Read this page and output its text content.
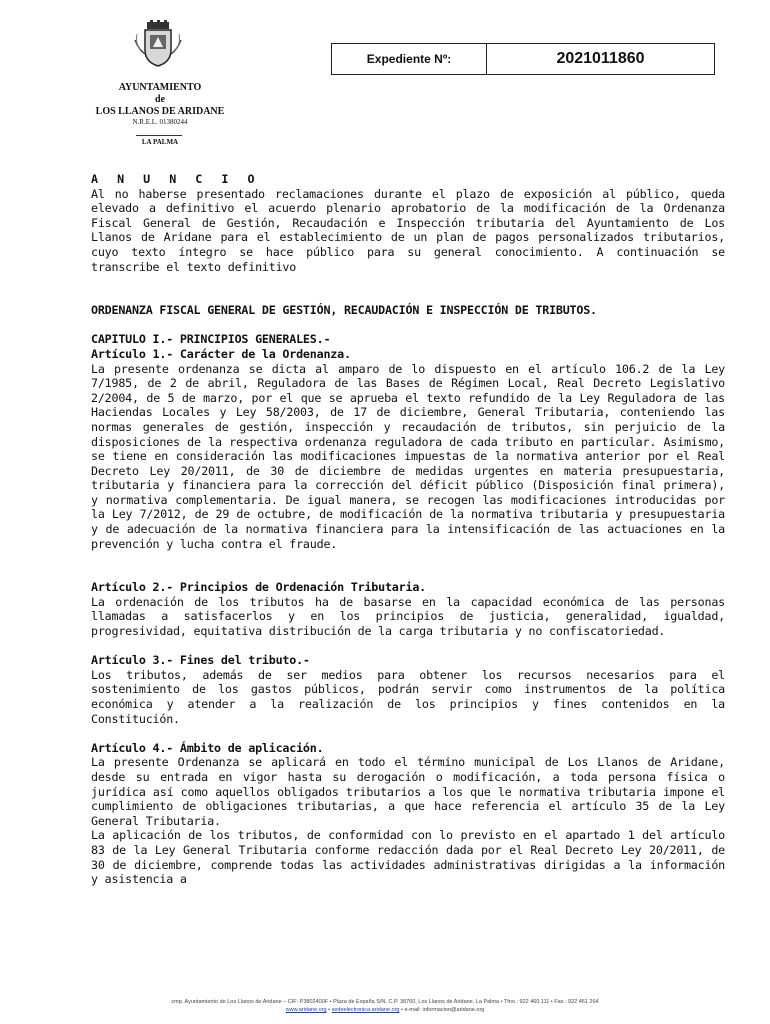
AYUNTAMIENTO
de
LOS LLANOS DE ARIDANE
N.R.E.L. 01380244
LA PALMA
Expediente Nº:	2021011860

A N U N C I O

Al no haberse presentado reclamaciones durante el plazo de exposición al público, queda elevado a definitivo el acuerdo plenario aprobatorio de la modificación de la Ordenanza Fiscal General de Gestión, Recaudación e Inspección tributaria del Ayuntamiento de Los Llanos de Aridane para el establecimiento de un plan de pagos personalizados tributarios, cuyo texto íntegro se hace público para su general conocimiento. A continuación se transcribe el texto definitivo

ORDENANZA FISCAL GENERAL DE GESTIÓN, RECAUDACIÓN E INSPECCIÓN DE TRIBUTOS.

CAPITULO I.- PRINCIPIOS GENERALES.-

Artículo 1.- Carácter de la Ordenanza.

La presente ordenanza se dicta al amparo de lo dispuesto en el artículo 106.2 de la Ley 7/1985, de 2 de abril, Reguladora de las Bases de Régimen Local, Real Decreto Legislativo 2/2004, de 5 de marzo, por el que se aprueba el texto refundido de la Ley Reguladora de las Haciendas Locales y Ley 58/2003, de 17 de diciembre, General Tributaria, conteniendo las normas generales de gestión, inspección y recaudación de tributos, sin perjuicio de la disposiciones de la respectiva ordenanza reguladora de cada tributo en particular. Asimismo, se tiene en consideración las modificaciones impuestas de la normativa anterior por el Real Decreto Ley 20/2011, de 30 de diciembre de medidas urgentes en materia presupuestaria, tributaria y financiera para la corrección del déficit público (Disposición final primera), y normativa complementaria. De igual manera, se recogen las modificaciones introducidas por la Ley 7/2012, de 29 de octubre, de modificación de la normativa tributaria y presupuestaria y de adecuación de la normativa financiera para la intensificación de las actuaciones en la prevención y lucha contra el fraude.

Artículo 2.- Principios de Ordenación Tributaria.

La ordenación de los tributos ha de basarse en la capacidad económica de las personas llamadas a satisfacerlos y en los principios de justicia, generalidad, igualdad, progresividad, equitativa distribución de la carga tributaria y no confiscatoriedad.

Artículo 3.- Fines del tributo.-

Los tributos, además de ser medios para obtener los recursos necesarios para el sostenimiento de los gastos públicos, podrán servir como instrumentos de la política económica y atender a la realización de los principios y fines contenidos en la Constitución.

Artículo 4.- Ámbito de aplicación.

La presente Ordenanza se aplicará en todo el término municipal de Los Llanos de Aridane, desde su entrada en vigor hasta su derogación o modificación, a toda persona física o jurídica así como aquellos obligados tributarios a los que le normativa tributaria impone el cumplimiento de obligaciones tributarias, a que hace referencia el artículo 35 de la Ley General Tributaria.

La aplicación de los tributos, de conformidad con lo previsto en el apartado 1 del artículo 83 de la Ley General Tributaria conforme redacción dada por el Real Decreto Ley 20/2011, de 30 de diciembre, comprende todas las actividades administrativas dirigidas a la información y asistencia a

cmp. Ayuntamiento de Los Llanos de Aridane – CIF: P3802400F • Plaza de España S/N, C.P. 38760, Los Llanos de Aridane, La Palma • Tfno.: 922 460 111 • Fax.: 922 461 264
www.aridane.org • sedeelectronica.aridane.org • e-mail: informacion@aridane.org
